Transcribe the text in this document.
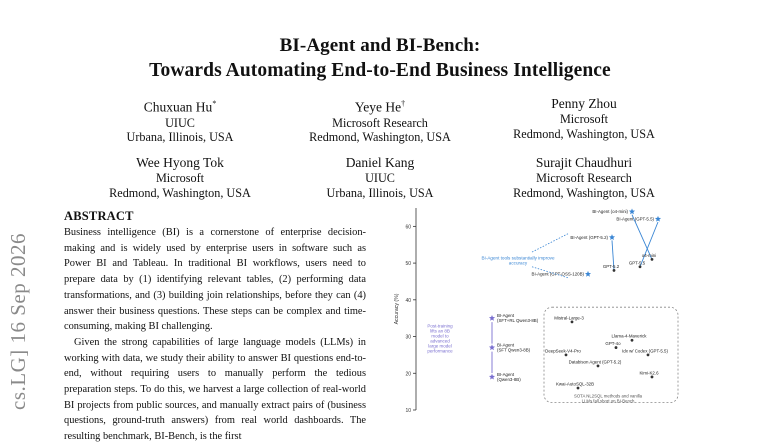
BI-Agent and BI-Bench:
Towards Automating End-to-End Business Intelligence
Chuxuan Hu*
UIUC
Urbana, Illinois, USA
Yeye He†
Microsoft Research
Redmond, Washington, USA
Penny Zhou
Microsoft
Redmond, Washington, USA
Wee Hyong Tok
Microsoft
Redmond, Washington, USA
Daniel Kang
UIUC
Urbana, Illinois, USA
Surajit Chaudhuri
Microsoft Research
Redmond, Washington, USA
cs.LG] 16 Sep 2026
ABSTRACT

Business intelligence (BI) is a cornerstone of enterprise decision-making and is widely used by enterprise users in software such as Power BI and Tableau. In traditional BI workflows, users need to prepare data by (1) identifying relevant tables, (2) performing data transformations, and (3) building join relationships, before they can (4) answer their business questions. These steps can be complex and time-consuming, making BI challenging.

Given the strong capabilities of large language models (LLMs) in working with data, we study their ability to answer BI questions end-to-end, without requiring users to manually perform the tedious preparation steps. To do this, we harvest a large collection of real-world BI projects from public sources, and manually extract pairs of (business questions, ground-truth answers) from real world dashboards. The resulting benchmark, BI-Bench, is the first

10
20
30
40
50
60
Accuracy (%)
GPT-5.2
GPT-5.5
o4-mini
Mistral-Large-3
Llama-4-Maverick
GPT-4o
DeepSeek-V4-Pro	Idx w/ Codex (GPT-5.5)
Databison Agent (GPT-5.2)
Kimi-K2.6
Kwai-AutoSQL-32B
BI-Agent (o4-mini)
BI-Agent (GPT-5.5)
BI-Agent (GPT-5.2)
BI-Agent (GPT-OSS-120B)
BI-Agent
(SFT+RL Qwen3-8B)
BI-Agent
(SFT Qwen3-8B)
BI-Agent
(Qwen3-8B)
BI-Agent tools substantially improve accuracy
Post-training lifts an 8B model to advanced large model performance
SOTA NL2SQL methods and vanilla LLMs fall short on BI-Bench
